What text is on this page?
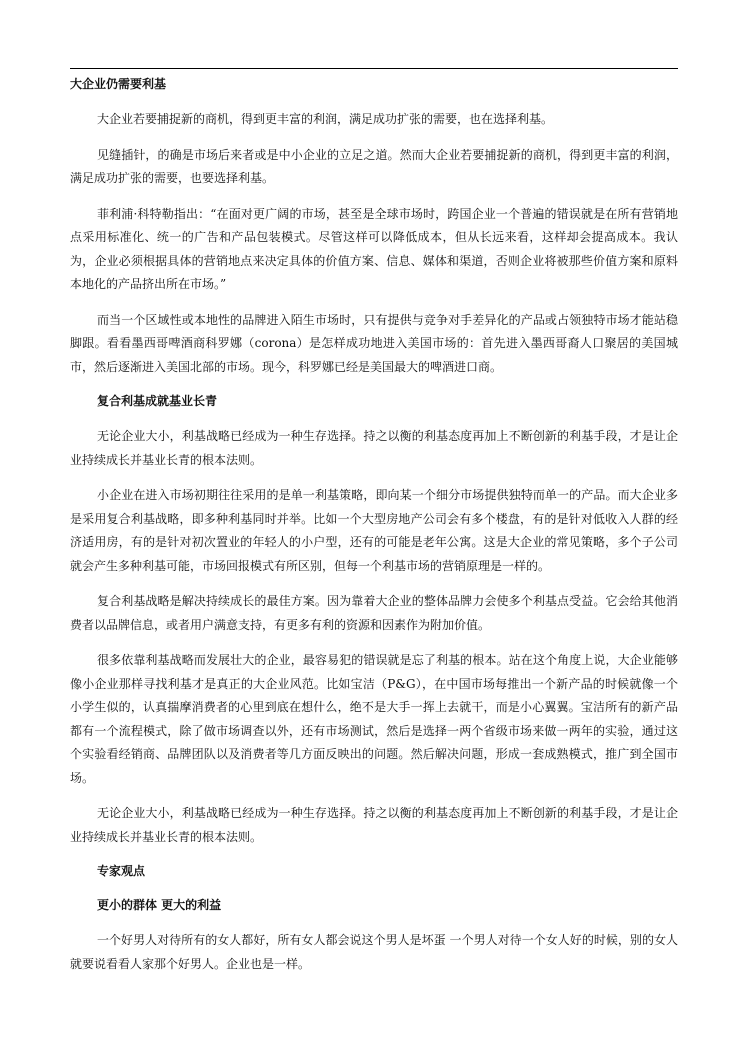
大企业仍需要利基

大企业若要捕捉新的商机，得到更丰富的利润，满足成功扩张的需要，也在选择利基。

见缝插针，的确是市场后来者或是中小企业的立足之道。然而大企业若要捕捉新的商机，得到更丰富的利润，满足成功扩张的需要，也要选择利基。

菲利浦·科特勒指出：“在面对更广阔的市场，甚至是全球市场时，跨国企业一个普遍的错误就是在所有营销地点采用标准化、统一的广告和产品包装模式。尽管这样可以降低成本，但从长远来看，这样却会提高成本。我认为，企业必须根据具体的营销地点来决定具体的价值方案、信息、媒体和渠道，否则企业将被那些价值方案和原料本地化的产品挤出所在市场。”

而当一个区域性或本地性的品牌进入陌生市场时，只有提供与竞争对手差异化的产品或占领独特市场才能站稳脚跟。看看墨西哥啤酒商科罗娜（corona）是怎样成功地进入美国市场的：首先进入墨西哥裔人口聚居的美国城市，然后逐渐进入美国北部的市场。现今，科罗娜已经是美国最大的啤酒进口商。

复合利基成就基业长青

无论企业大小，利基战略已经成为一种生存选择。持之以衡的利基态度再加上不断创新的利基手段，才是让企业持续成长并基业长青的根本法则。

小企业在进入市场初期往往采用的是单一利基策略，即向某一个细分市场提供独特而单一的产品。而大企业多是采用复合利基战略，即多种利基同时并举。比如一个大型房地产公司会有多个楼盘，有的是针对低收入人群的经济适用房，有的是针对初次置业的年轻人的小户型，还有的可能是老年公寓。这是大企业的常见策略，多个子公司就会产生多种利基可能，市场回报模式有所区别，但每一个利基市场的营销原理是一样的。

复合利基战略是解决持续成长的最佳方案。因为靠着大企业的整体品牌力会使多个利基点受益。它会给其他消费者以品牌信息，或者用户满意支持，有更多有利的资源和因素作为附加价值。

很多依靠利基战略而发展壮大的企业，最容易犯的错误就是忘了利基的根本。站在这个角度上说，大企业能够像小企业那样寻找利基才是真正的大企业风范。比如宝洁（P&G），在中国市场每推出一个新产品的时候就像一个小学生似的，认真揣摩消费者的心里到底在想什么，绝不是大手一挥上去就干，而是小心翼翼。宝洁所有的新产品都有一个流程模式，除了做市场调查以外，还有市场测试，然后是选择一两个省级市场来做一两年的实验，通过这个实验看经销商、品牌团队以及消费者等几方面反映出的问题。然后解决问题，形成一套成熟模式，推广到全国市场。

无论企业大小，利基战略已经成为一种生存选择。持之以衡的利基态度再加上不断创新的利基手段，才是让企业持续成长并基业长青的根本法则。

专家观点
更小的群体 更大的利益

一个好男人对待所有的女人都好，所有女人都会说这个男人是坏蛋 一个男人对待一个女人好的时候，别的女人就要说看看人家那个好男人。企业也是一样。
